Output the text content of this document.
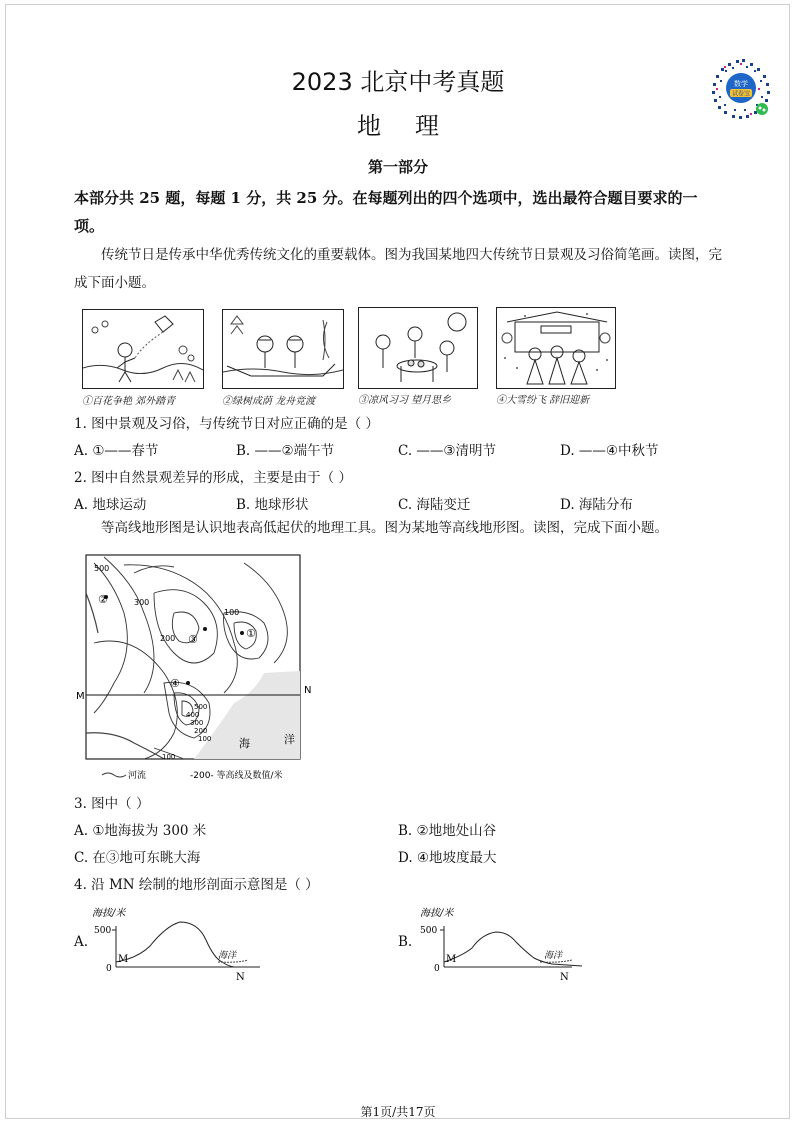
数学
试卷宝
2023 北京中考真题
地理
第一部分
本部分共 25 题，每题 1 分，共 25 分。在每题列出的四个选项中，选出最符合题目要求的一项。
传统节日是传承中华优秀传统文化的重要载体。图为我国某地四大传统节日景观及习俗简笔画。读图，完成下面小题。
①百花争艳 郊外踏青	②绿树成荫 龙舟竞渡	③凉风习习 望月思乡	④大雪纷飞 辞旧迎新
1. 图中景观及习俗，与传统节日对应正确的是（ ）
A. ①——春节	B. ——②端午节	C. ——③清明节	D. ——④中秋节
2. 图中自然景观差异的形成，主要是由于（ ）
A. 地球运动	B. 地球形状	C. 海陆变迁	D. 海陆分布
等高线地形图是认识地表高低起伏的地理工具。图为某地等高线地形图。读图，完成下面小题。
500
②	300
100
200 ③	①
④
500
400
300
200
100
100
海	洋
M
N
河流	-200- 等高线及数值/米
3. 图中（ ）
A. ①地海拔为 300 米	B. ②地地处山谷
C. 在③地可东眺大海	D. ④地坡度最大
4. 沿 MN 绘制的地形剖面示意图是（ ）
A.
海拔/米
500
0
M	海洋
N
B.
海拔/米
500
0
M	海洋
N
第1页/共17页
